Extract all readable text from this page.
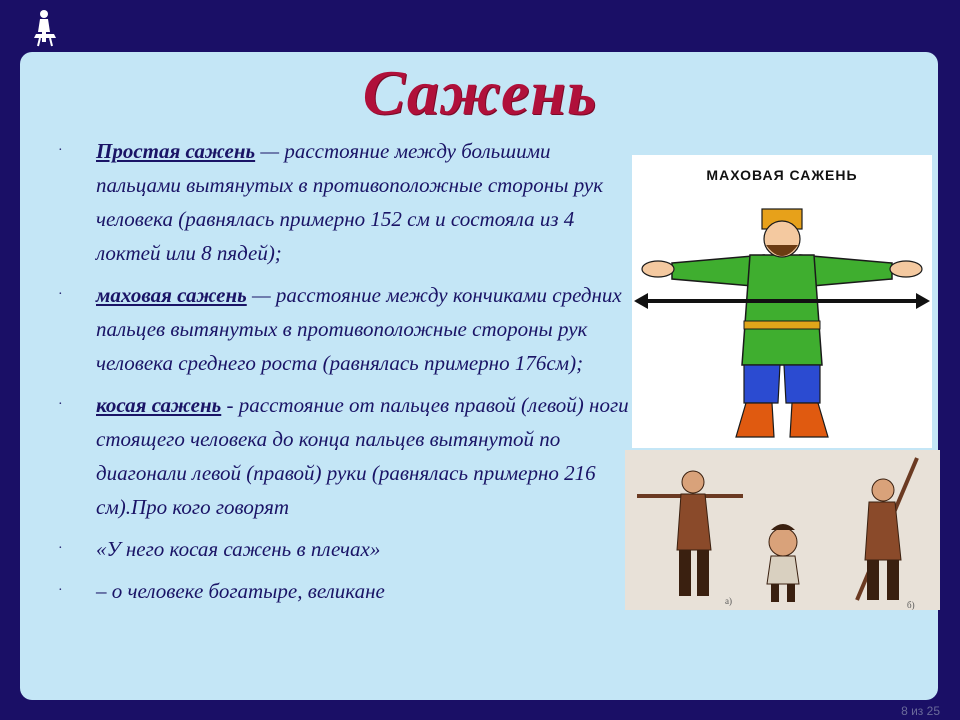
Сажень
· Простая сажень — расстояние между большими пальцами вытянутых в противоположные стороны рук человека (равнялась примерно 152 см и состояла из 4 локтей или 8 пядей);
· маховая сажень — расстояние между кончиками средних пальцев вытянутых в противоположные стороны рук человека среднего роста (равнялась примерно 176см);
· косая сажень - расстояние от пальцев правой (левой) ноги стоящего человека до конца пальцев вытянутой по диагонали левой (правой) руки (равнялась примерно 216 см).Про кого говорят
· «У него косая сажень в плечах»
· – о человеке богатыре, великане
МАХОВАЯ САЖЕНЬ
а)	б)
8 из 25
